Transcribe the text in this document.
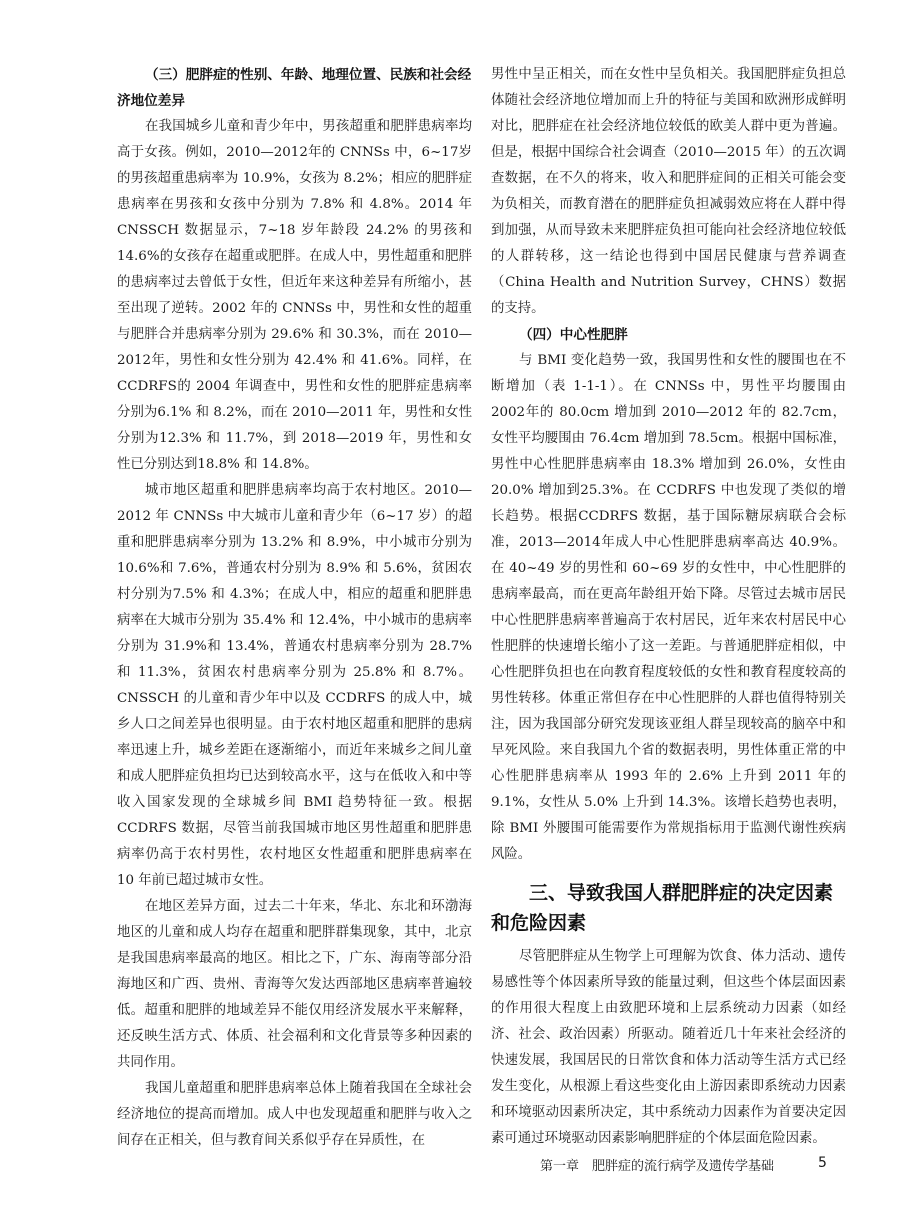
（三）肥胖症的性别、年龄、地理位置、民族和社会经济地位差异

在我国城乡儿童和青少年中，男孩超重和肥胖患病率均高于女孩。例如，2010—2012年的 CNNSs 中，6~17岁的男孩超重患病率为 10.9%，女孩为 8.2%；相应的肥胖症患病率在男孩和女孩中分别为 7.8% 和 4.8%。2014 年CNSSCH 数据显示，7~18 岁年龄段 24.2% 的男孩和 14.6%的女孩存在超重或肥胖。在成人中，男性超重和肥胖的患病率过去曾低于女性，但近年来这种差异有所缩小，甚至出现了逆转。2002 年的 CNNSs 中，男性和女性的超重与肥胖合并患病率分别为 29.6% 和 30.3%，而在 2010—2012年，男性和女性分别为 42.4% 和 41.6%。同样，在 CCDRFS的 2004 年调查中，男性和女性的肥胖症患病率分别为6.1% 和 8.2%，而在 2010—2011 年，男性和女性分别为12.3% 和 11.7%，到 2018—2019 年，男性和女性已分别达到18.8% 和 14.8%。

城市地区超重和肥胖患病率均高于农村地区。2010—2012 年 CNNSs 中大城市儿童和青少年（6~17 岁）的超重和肥胖患病率分别为 13.2% 和 8.9%，中小城市分别为 10.6%和 7.6%，普通农村分别为 8.9% 和 5.6%，贫困农村分别为7.5% 和 4.3%；在成人中，相应的超重和肥胖患病率在大城市分别为 35.4% 和 12.4%，中小城市的患病率分别为 31.9%和 13.4%，普通农村患病率分别为 28.7% 和 11.3%，贫困农村患病率分别为 25.8% 和 8.7%。CNSSCH 的儿童和青少年中以及 CCDRFS 的成人中，城乡人口之间差异也很明显。由于农村地区超重和肥胖的患病率迅速上升，城乡差距在逐渐缩小，而近年来城乡之间儿童和成人肥胖症负担均已达到较高水平，这与在低收入和中等收入国家发现的全球城乡间 BMI 趋势特征一致。根据 CCDRFS 数据，尽管当前我国城市地区男性超重和肥胖患病率仍高于农村男性，农村地区女性超重和肥胖患病率在 10 年前已超过城市女性。

在地区差异方面，过去二十年来，华北、东北和环渤海地区的儿童和成人均存在超重和肥胖群集现象，其中，北京是我国患病率最高的地区。相比之下，广东、海南等部分沿海地区和广西、贵州、青海等欠发达西部地区患病率普遍较低。超重和肥胖的地域差异不能仅用经济发展水平来解释，还反映生活方式、体质、社会福利和文化背景等多种因素的共同作用。

我国儿童超重和肥胖患病率总体上随着我国在全球社会经济地位的提高而增加。成人中也发现超重和肥胖与收入之间存在正相关，但与教育间关系似乎存在异质性，在

男性中呈正相关，而在女性中呈负相关。我国肥胖症负担总体随社会经济地位增加而上升的特征与美国和欧洲形成鲜明对比，肥胖症在社会经济地位较低的欧美人群中更为普遍。但是，根据中国综合社会调查（2010—2015 年）的五次调查数据，在不久的将来，收入和肥胖症间的正相关可能会变为负相关，而教育潜在的肥胖症负担减弱效应将在人群中得到加强，从而导致未来肥胖症负担可能向社会经济地位较低的人群转移，这一结论也得到中国居民健康与营养调查（China Health and Nutrition Survey，CHNS）数据的支持。

（四）中心性肥胖

与 BMI 变化趋势一致，我国男性和女性的腰围也在不断增加（表 1-1-1）。在 CNNSs 中，男性平均腰围由 2002年的 80.0cm 增加到 2010—2012 年的 82.7cm，女性平均腰围由 76.4cm 增加到 78.5cm。根据中国标准，男性中心性肥胖患病率由 18.3% 增加到 26.0%，女性由 20.0% 增加到25.3%。在 CCDRFS 中也发现了类似的增长趋势。根据CCDRFS 数据，基于国际糖尿病联合会标准，2013—2014年成人中心性肥胖患病率高达 40.9%。在 40~49 岁的男性和 60~69 岁的女性中，中心性肥胖的患病率最高，而在更高年龄组开始下降。尽管过去城市居民中心性肥胖患病率普遍高于农村居民，近年来农村居民中心性肥胖的快速增长缩小了这一差距。与普通肥胖症相似，中心性肥胖负担也在向教育程度较低的女性和教育程度较高的男性转移。体重正常但存在中心性肥胖的人群也值得特别关注，因为我国部分研究发现该亚组人群呈现较高的脑卒中和早死风险。来自我国九个省的数据表明，男性体重正常的中心性肥胖患病率从 1993 年的 2.6% 上升到 2011 年的 9.1%，女性从 5.0% 上升到 14.3%。该增长趋势也表明，除 BMI 外腰围可能需要作为常规指标用于监测代谢性疾病风险。

三、导致我国人群肥胖症的决定因素和危险因素

尽管肥胖症从生物学上可理解为饮食、体力活动、遗传易感性等个体因素所导致的能量过剩，但这些个体层面因素的作用很大程度上由致肥环境和上层系统动力因素（如经济、社会、政治因素）所驱动。随着近几十年来社会经济的快速发展，我国居民的日常饮食和体力活动等生活方式已经发生变化，从根源上看这些变化由上游因素即系统动力因素和环境驱动因素所决定，其中系统动力因素作为首要决定因素可通过环境驱动因素影响肥胖症的个体层面危险因素。

第一章　肥胖症的流行病学及遗传学基础	5
